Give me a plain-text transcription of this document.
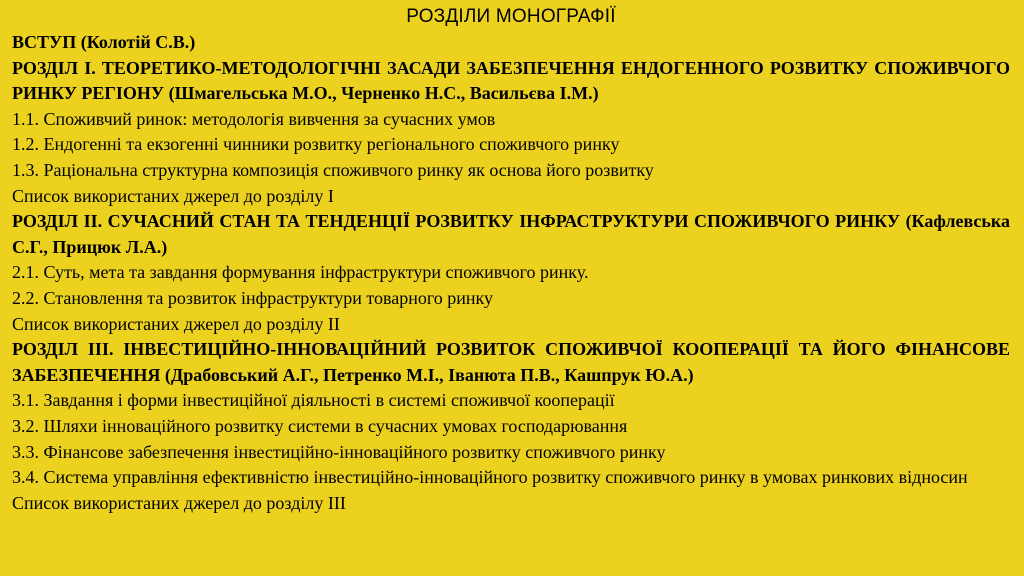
РОЗДІЛИ МОНОГРАФІЇ
ВСТУП (Колотій С.В.)
РОЗДІЛ І. ТЕОРЕТИКО-МЕТОДОЛОГІЧНІ ЗАСАДИ ЗАБЕЗПЕЧЕННЯ ЕНДОГЕННОГО РОЗВИТКУ СПОЖИВЧОГО РИНКУ РЕГІОНУ (Шмагельська М.О., Черненко Н.С., Васильєва І.М.)
1.1. Споживчий ринок: методологія вивчення за сучасних умов
1.2. Ендогенні та екзогенні чинники розвитку регіонального споживчого ринку
1.3. Раціональна структурна композиція споживчого ринку як основа його розвитку
Список використаних джерел до розділу І
РОЗДІЛ ІІ. СУЧАСНИЙ СТАН ТА ТЕНДЕНЦІЇ РОЗВИТКУ ІНФРАСТРУКТУРИ СПОЖИВЧОГО РИНКУ (Кафлевська С.Г., Прицюк Л.А.)
2.1. Суть, мета та завдання формування інфраструктури споживчого ринку.
2.2. Становлення та розвиток інфраструктури товарного ринку
Список використаних джерел до розділу ІІ
РОЗДІЛ ІІІ. ІНВЕСТИЦІЙНО-ІННОВАЦІЙНИЙ РОЗВИТОК СПОЖИВЧОЇ КООПЕРАЦІЇ ТА ЙОГО ФІНАНСОВЕ ЗАБЕЗПЕЧЕННЯ (Драбовський А.Г., Петренко М.І., Іванюта П.В., Кашпрук Ю.А.)
3.1. Завдання і форми інвестиційної діяльності в системі споживчої кооперації
3.2. Шляхи інноваційного розвитку системи в сучасних умовах господарювання
3.3. Фінансове забезпечення інвестиційно-інноваційного розвитку споживчого ринку
3.4. Система управління ефективністю інвестиційно-інноваційного розвитку споживчого ринку в умовах ринкових відносин
Список використаних джерел до розділу ІІІ
